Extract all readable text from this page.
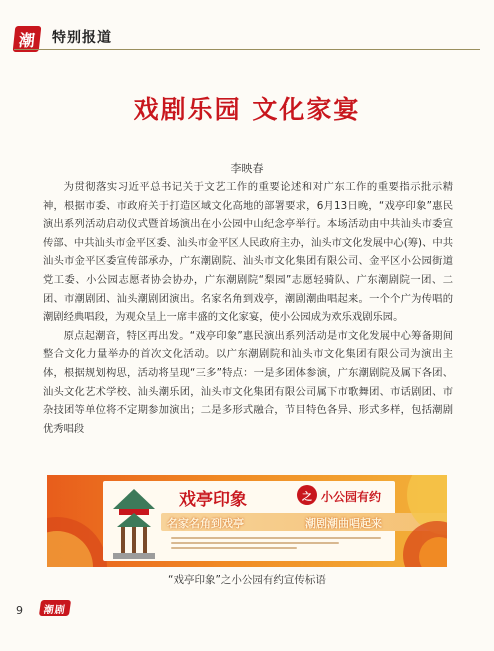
潮	特别报道
戏剧乐园 文化家宴
李映春

为贯彻落实习近平总书记关于文艺工作的重要论述和对广东工作的重要指示批示精神，根据市委、市政府关于打造区域文化高地的部署要求，6月13日晚，“戏亭印象”惠民演出系列活动启动仪式暨首场演出在小公园中山纪念亭举行。本场活动由中共汕头市委宣传部、中共汕头市金平区委、汕头市金平区人民政府主办，汕头市文化发展中心(筹)、中共汕头市金平区委宣传部承办，广东潮剧院、汕头市文化集团有限公司、金平区小公园街道党工委、小公园志愿者协会协办，广东潮剧院“梨园”志愿轻骑队、广东潮剧院一团、二团、市潮剧团、汕头潮剧团演出。名家名角到戏亭，潮剧潮曲唱起来。一个个广为传唱的潮剧经典唱段，为观众呈上一席丰盛的文化家宴，使小公园成为欢乐戏剧乐园。

原点起潮音，特区再出发。“戏亭印象”惠民演出系列活动是市文化发展中心筹备期间整合文化力量举办的首次文化活动。以广东潮剧院和汕头市文化集团有限公司为演出主体，根据规划构思，活动将呈现“三多”特点：一是多团体参演，广东潮剧院及属下各团、汕头文化艺术学校、汕头潮乐团，汕头市文化集团有限公司属下市歌舞团、市话剧团、市杂技团等单位将不定期参加演出；二是多形式融合，节目特色各异、形式多样，包括潮剧优秀唱段

戏亭印象	之 小公园有约
名家名角到戏亭	潮剧潮曲唱起来
“戏亭印象”之小公园有约宣传标语
9	潮剧
